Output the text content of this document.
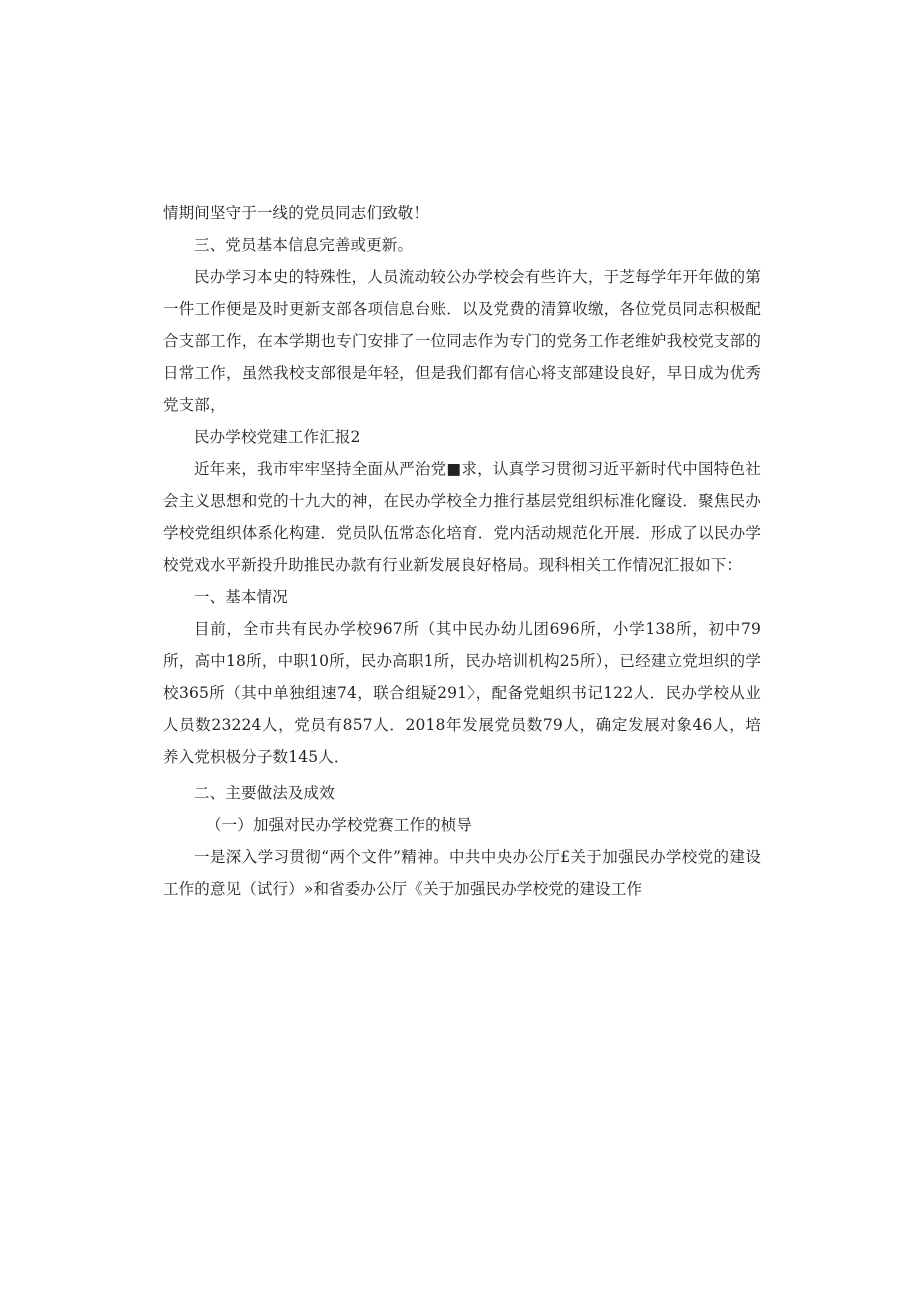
情期间坚守于一线的党员同志们致敬！

三、党员基本信息完善或更新。

民办学习本史的特殊性，人员流动较公办学校会有些许大，于芝每学年开年做的第一件工作便是及时更新支部各项信息台账．以及党费的清算收缴，各位党员同志积极配合支部工作，在本学期也专门安排了一位同志作为专门的党务工作老维妒我校党支部的日常工作，虽然我校支部很是年轻，但是我们都有信心将支部建设良好，早日成为优秀党支部，

民办学校党建工作汇报2

近年来，我市牢牢坚持全面从严治党■求，认真学习贯彻习近平新时代中国特色社会主义思想和党的十九大的神，在民办学校全力推行基层党组织标准化窿设．聚焦民办学校党组织体系化构建．党员队伍常态化培育．党内活动规范化开展．形成了以民办学校党戏水平新投升助推民办款有行业新发展良好格局。现科相关工作情况汇报如下：

一、基本情况

目前，全市共有民办学校967所（其中民办幼儿团696所，小学138所，初中79所，高中18所，中职10所，民办高职1所，民办培训机构25所），已经建立党坦织的学校365所（其中单独组速74，联合组疑291〉，配备党蛆织书记122人．民办学校从业人员数23224人，党员有857人．2018年发展党员数79人，确定发展对象46人，培养入党枳极分子数145人．

二、主要做法及成效

（一）加强对民办学校党赛工作的桢导

一是深入学习贯彻“两个文件”精神。中共中央办公厅£关于加强民办学校党的建设工作的意见（试行）»和省委办公厅《关于加强民办学校党的建设工作
